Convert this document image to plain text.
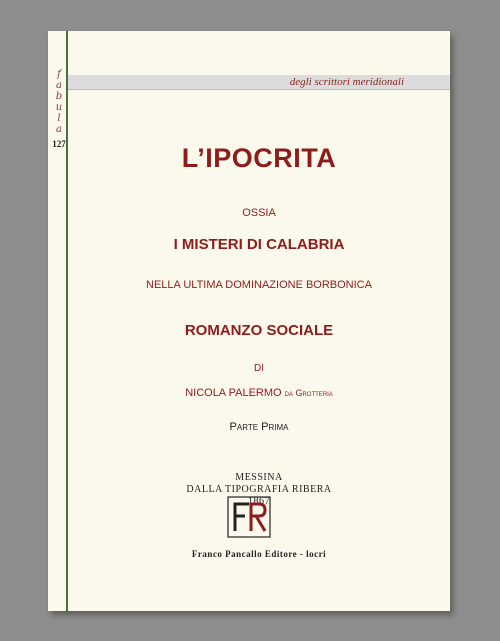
f
a
b
u
l
a
127
degli scrittori meridionali
L’IPOCRITA
OSSIA
I MISTERI DI CALABRIA
NELLA ULTIMA DOMINAZIONE BORBONICA
ROMANZO SOCIALE
DI
NICOLA PALERMO da Grotteria
Parte Prima
MESSINA
DALLA TIPOGRAFIA RIBERA
1867
Franco Pancallo Editore - locri
